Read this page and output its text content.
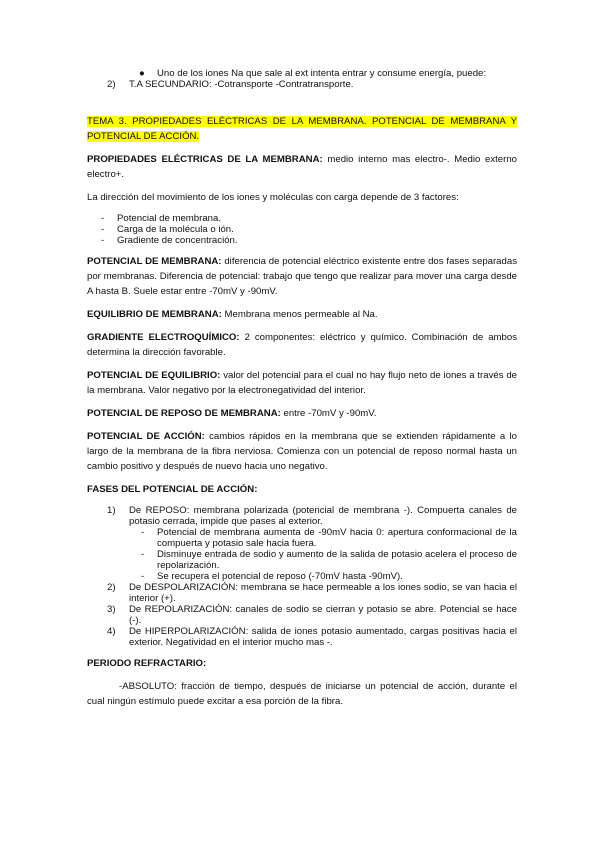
●	Uno de los iones Na que sale al ext intenta entrar y consume energía, puede:
2)	T.A SECUNDARIO: -Cotransporte -Contratransporte.

TEMA 3. PROPIEDADES ELÉCTRICAS DE LA MEMBRANA. POTENCIAL DE MEMBRANA Y POTENCIAL DE ACCIÓN.

PROPIEDADES ELÉCTRICAS DE LA MEMBRANA: medio interno mas electro-. Medio externo electro+.

La dirección del movimiento de los iones y moléculas con carga depende de 3 factores:

-	Potencial de membrana.
-	Carga de la molécula o ión.
-	Gradiente de concentración.

POTENCIAL DE MEMBRANA: diferencia de potencial eléctrico existente entre dos fases separadas por membranas. Diferencia de potencial: trabajo que tengo que realizar para mover una carga desde A hasta B. Suele estar entre -70mV y -90mV.

EQUILIBRIO DE MEMBRANA: Membrana menos permeable al Na.

GRADIENTE ELECTROQUÍMICO: 2 componentes: eléctrico y químico. Combinación de ambos determina la dirección favorable.

POTENCIAL DE EQUILIBRIO: valor del potencial para el cual no hay flujo neto de iones a través de la membrana. Valor negativo por la electronegatividad del interior.

POTENCIAL DE REPOSO DE MEMBRANA: entre -70mV y -90mV.

POTENCIAL DE ACCIÓN: cambios rápidos en la membrana que se extienden rápidamente a lo largo de la membrana de la fibra nerviosa. Comienza con un potencial de reposo normal hasta un cambio positivo y después de nuevo hacia uno negativo.

FASES DEL POTENCIAL DE ACCIÓN:

1)	De REPOSO: membrana polarizada (potencial de membrana -). Compuerta canales de potasio cerrada, impide que pases al exterior.
-	Potencial de membrana aumenta de -90mV hacia 0: apertura conformacional de la compuerta y potasio sale hacia fuera.
-	Disminuye entrada de sodio y aumento de la salida de potasio acelera el proceso de repolarización.
-	Se recupera el potencial de reposo (-70mV hasta -90mV).
2)	De DESPOLARIZACIÓN: membrana se hace permeable a los iones sodio, se van hacia el interior (+).
3)	De REPOLARIZACIÓN: canales de sodio se cierran y potasio se abre. Potencial se hace (-).
4)	De HIPERPOLARIZACIÓN: salida de iones potasio aumentado, cargas positivas hacia el exterior. Negatividad en el interior mucho mas -.

PERIODO REFRACTARIO:

-ABSOLUTO: fracción de tiempo, después de iniciarse un potencial de acción, durante el cual ningún estímulo puede excitar a esa porción de la fibra.
